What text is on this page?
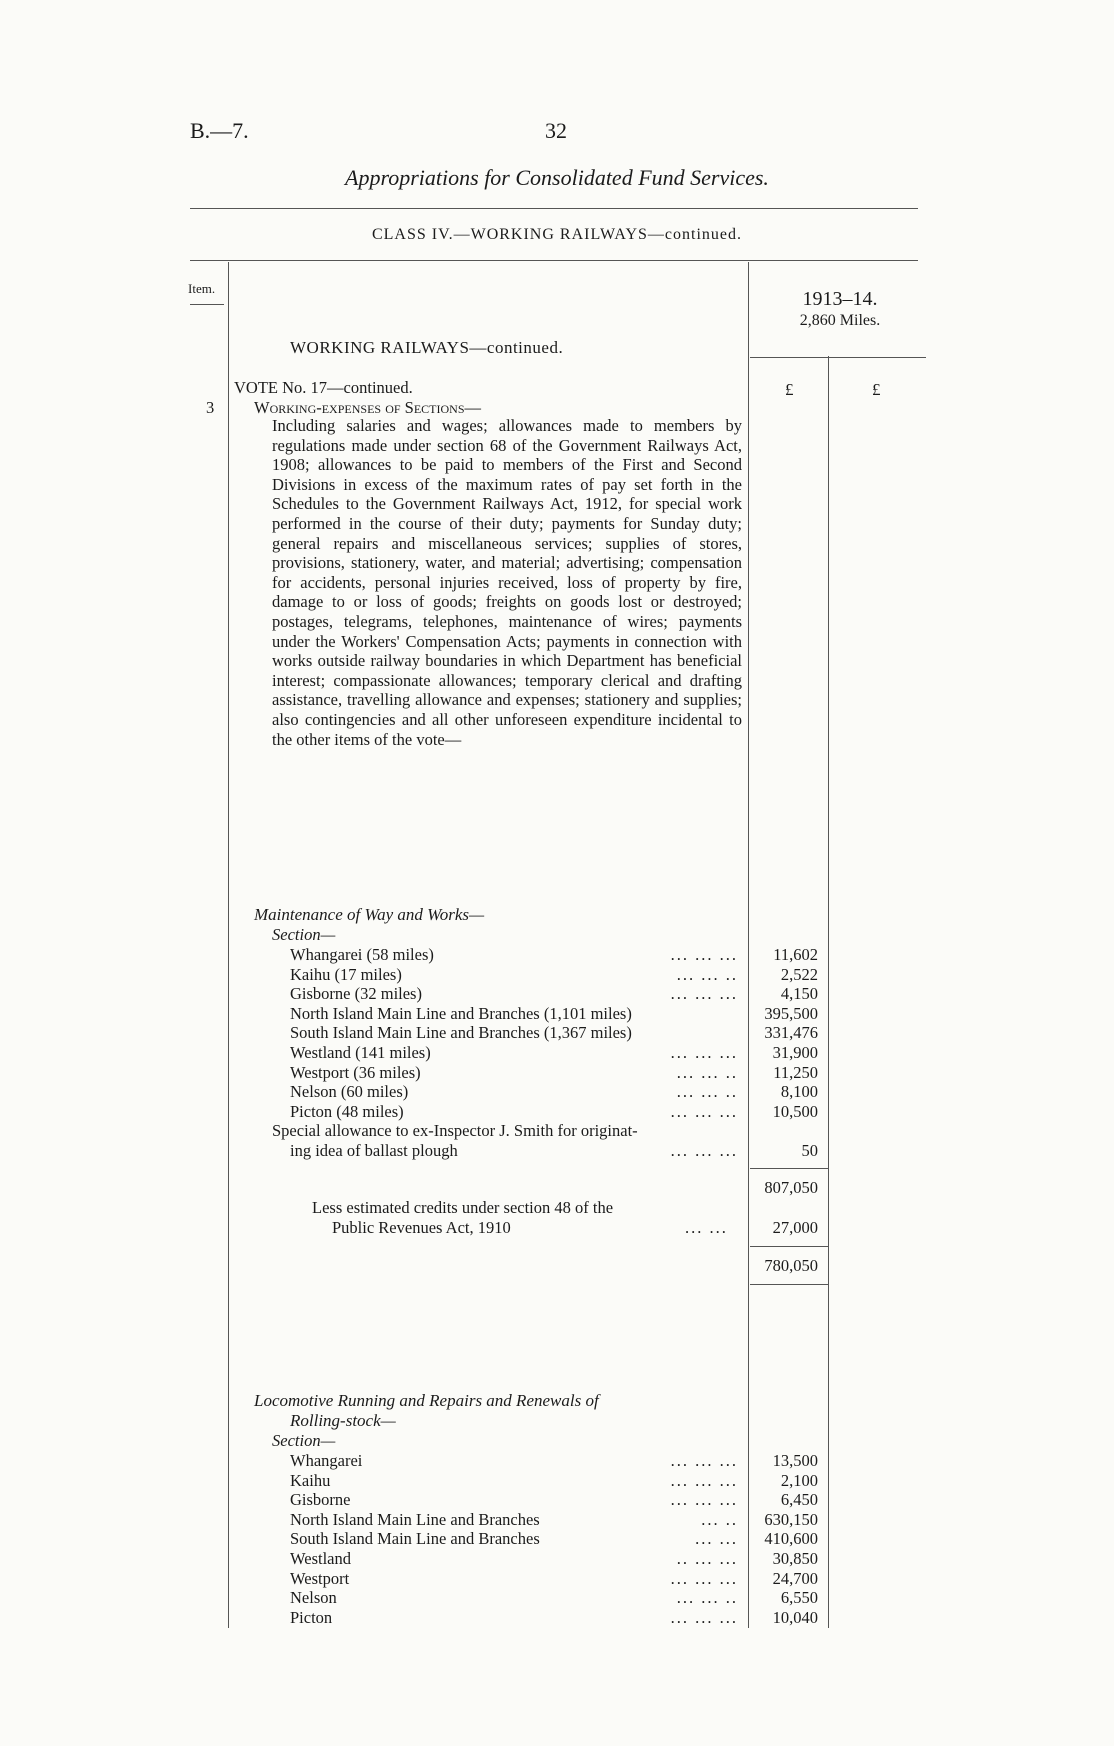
B.—7.	32
Appropriations for Consolidated Fund Services.
CLASS IV.—WORKING RAILWAYS—continued.
Item.	1913–14.
2,860 Miles.
WORKING RAILWAYS—continued.
£	£
VOTE No. 17—continued.
3 Working-expenses of Sections—
Including salaries and wages; allowances made to members by regulations made under section 68 of the Government Railways Act, 1908; allowances to be paid to members of the First and Second Divisions in excess of the maximum rates of pay set forth in the Schedules to the Government Railways Act, 1912, for special work performed in the course of their duty; payments for Sunday duty; general repairs and miscellaneous services; supplies of stores, provisions, stationery, water, and material; advertising; compensation for accidents, personal injuries received, loss of property by fire, damage to or loss of goods; freights on goods lost or destroyed; postages, telegrams, telephones, maintenance of wires; payments under the Workers' Compensation Acts; payments in connection with works outside railway boundaries in which Department has beneficial interest; compassionate allowances; temporary clerical and drafting assistance, travelling allowance and expenses; stationery and supplies; also contingencies and all other unforeseen expenditure incidental to the other items of the vote—
Maintenance of Way and Works—
Section—
Whangarei (58 miles)	... ... ...	11,602
Kaihu (17 miles)	... ... ..	2,522
Gisborne (32 miles)	... ... ...	4,150
North Island Main Line and Branches (1,101 miles)	395,500
South Island Main Line and Branches (1,367 miles)	331,476
Westland (141 miles)	... ... ...	31,900
Westport (36 miles)	... ... ..	11,250
Nelson (60 miles)	... ... ..	8,100
Picton (48 miles)	... ... ...	10,500
Special allowance to ex-Inspector J. Smith for originat-
ing idea of ballast plough	... ... ...	50
807,050
Less estimated credits under section 48 of the
Public Revenues Act, 1910	... ...	27,000
780,050
Locomotive Running and Repairs and Renewals of
Rolling-stock—
Section—
Whangarei	... ... ...	13,500
Kaihu	... ... ...	2,100
Gisborne	... ... ...	6,450
North Island Main Line and Branches	... ..	630,150
South Island Main Line and Branches	... ...	410,600
Westland	.. ... ...	30,850
Westport	... ... ...	24,700
Nelson	... ... ..	6,550
Picton	... ... ...	10,040
